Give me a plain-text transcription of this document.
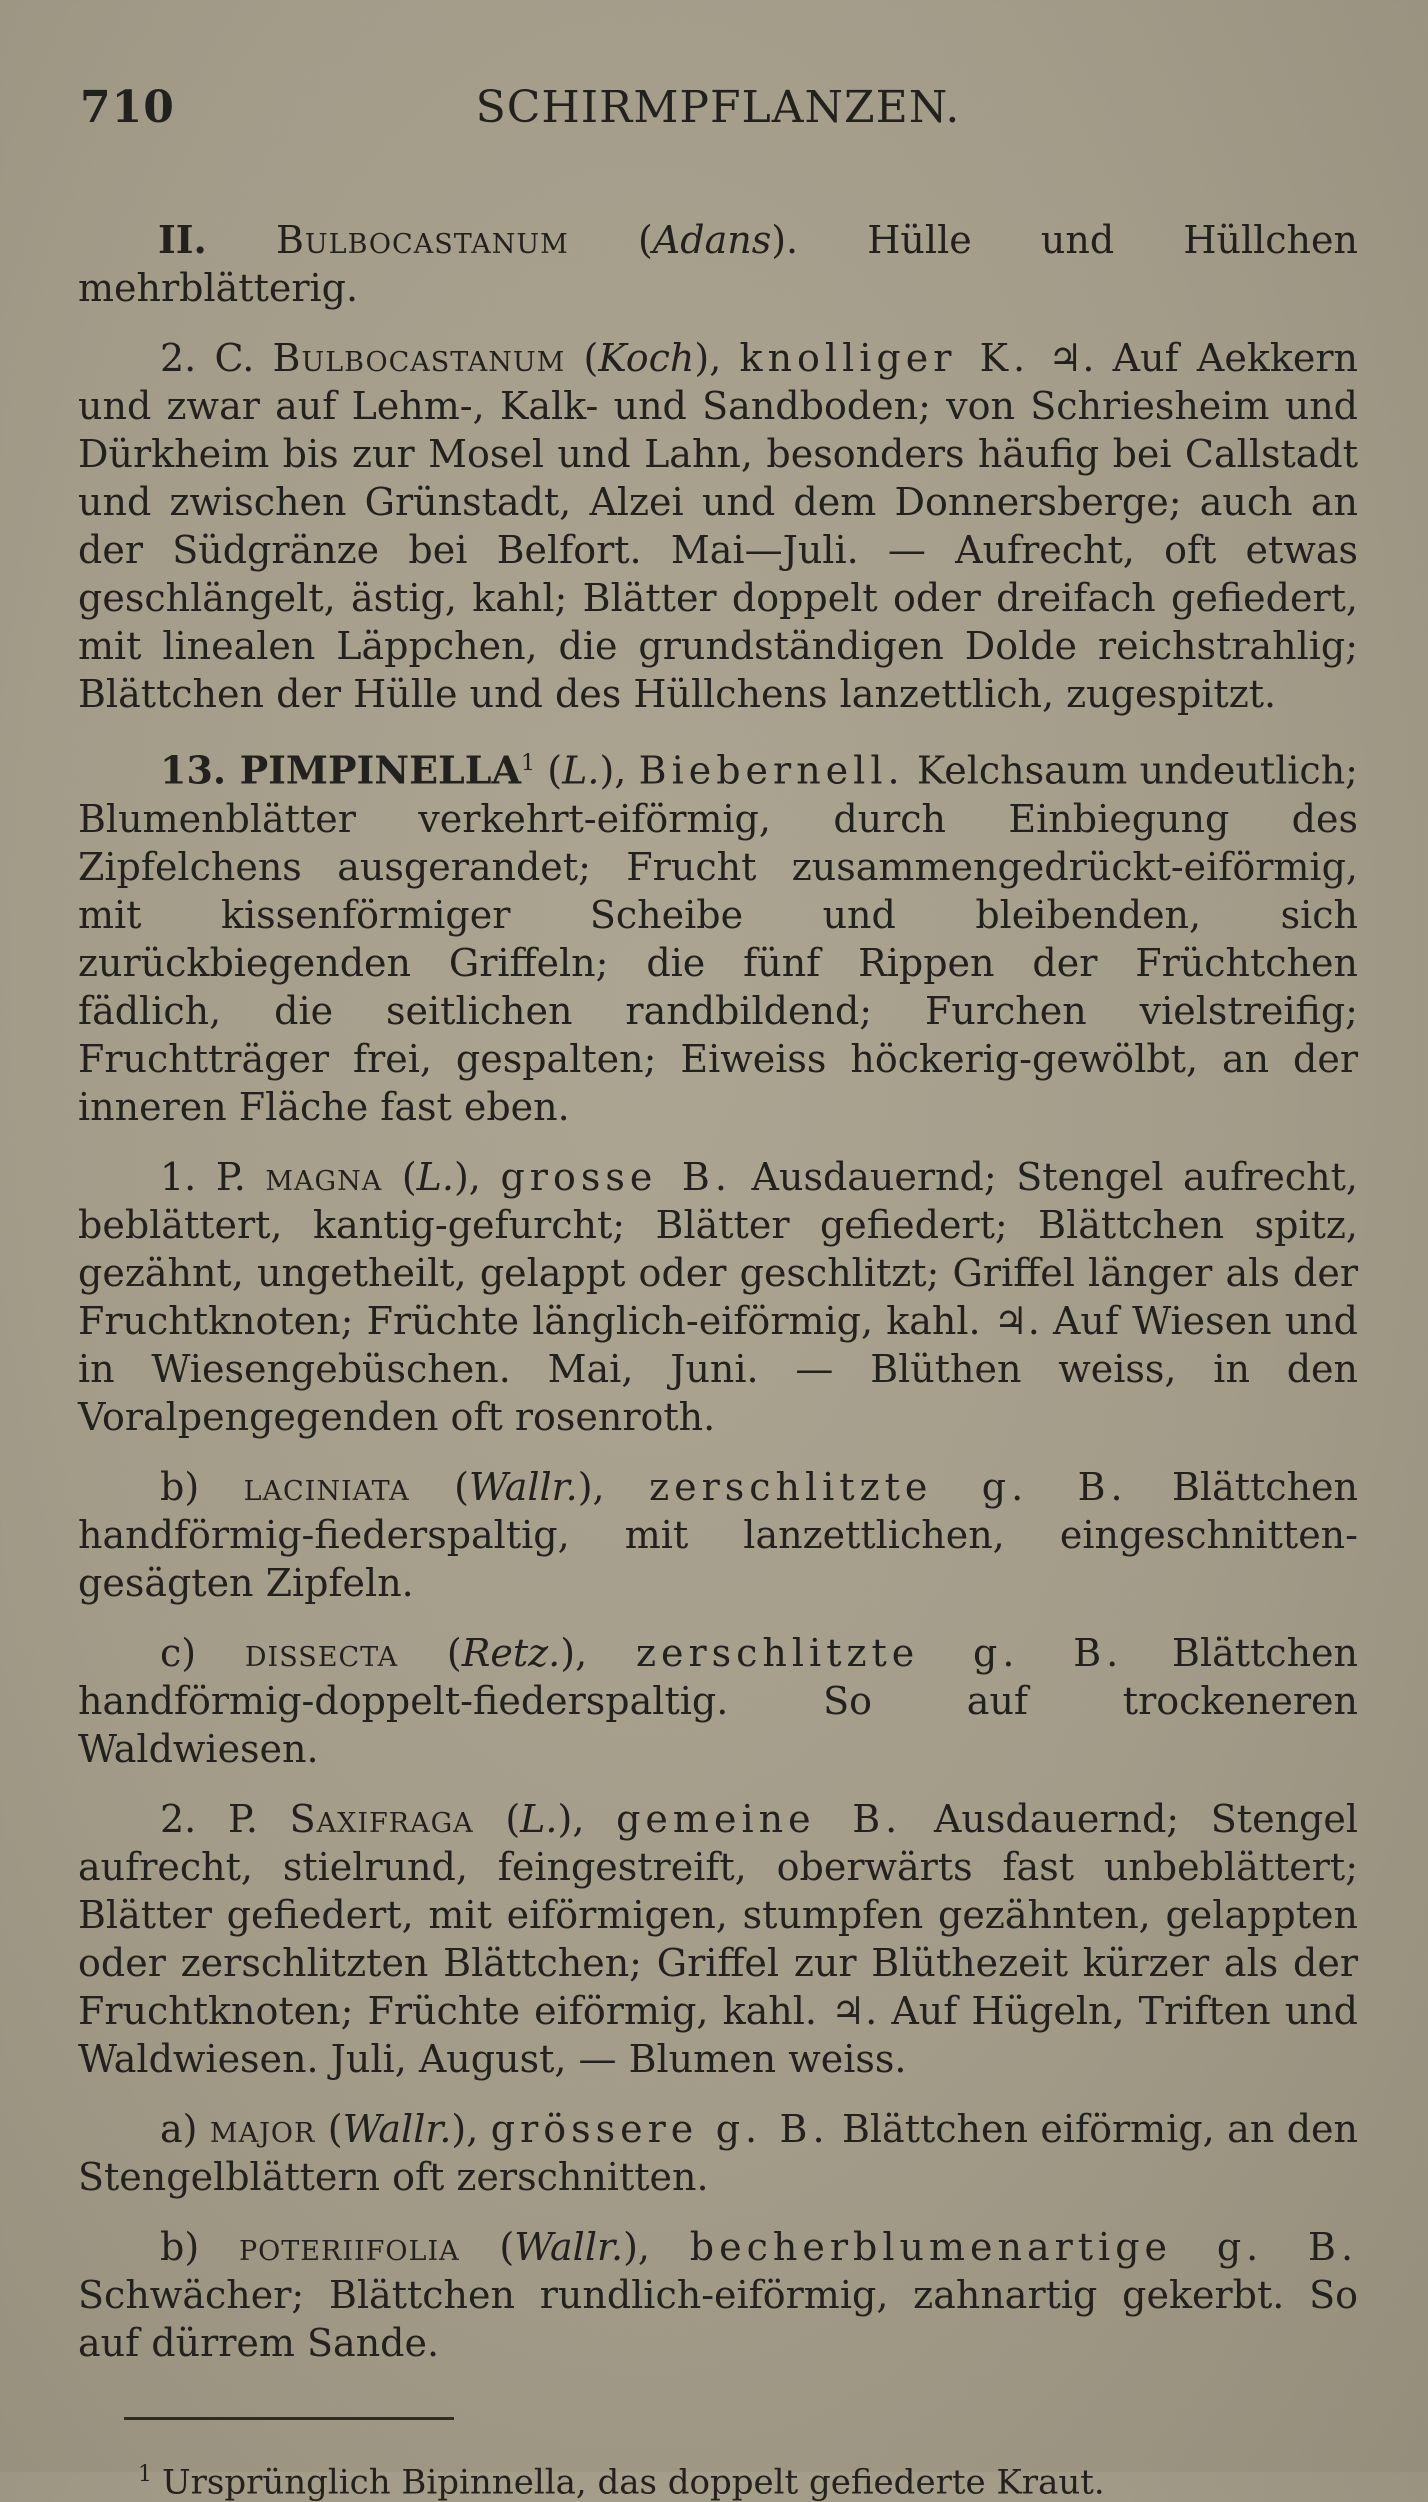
710	SCHIRMPFLANZEN.

II. Bulbocastanum (Adans). Hülle und Hüllchen mehrblätterig.

2. C. Bulbocastanum (Koch), knolliger K. ♃. Auf Aekkern und zwar auf Lehm-, Kalk- und Sandboden; von Schriesheim und Dürkheim bis zur Mosel und Lahn, besonders häufig bei Callstadt und zwischen Grünstadt, Alzei und dem Donnersberge; auch an der Südgränze bei Belfort. Mai—Juli. — Aufrecht, oft etwas geschlängelt, ästig, kahl; Blätter doppelt oder dreifach gefiedert, mit linealen Läppchen, die grundständigen Dolde reichstrahlig; Blättchen der Hülle und des Hüllchens lanzettlich, zugespitzt.

13. PIMPINELLA$^1$ (L.), Biebernell. Kelchsaum undeutlich; Blumenblätter verkehrt-eiförmig, durch Einbiegung des Zipfelchens ausgerandet; Frucht zusammengedrückt-eiförmig, mit kissenförmiger Scheibe und bleibenden, sich zurückbiegenden Griffeln; die fünf Rippen der Früchtchen fädlich, die seitlichen randbildend; Furchen vielstreifig; Fruchtträger frei, gespalten; Eiweiss höckerig-gewölbt, an der inneren Fläche fast eben.

1. P. magna (L.), grosse B. Ausdauernd; Stengel aufrecht, beblättert, kantig-gefurcht; Blätter gefiedert; Blättchen spitz, gezähnt, ungetheilt, gelappt oder geschlitzt; Griffel länger als der Fruchtknoten; Früchte länglich-eiförmig, kahl. ♃. Auf Wiesen und in Wiesengebüschen. Mai, Juni. — Blüthen weiss, in den Voralpengegenden oft rosenroth.

b) laciniata (Wallr.), zerschlitzte g. B. Blättchen handförmig-fiederspaltig, mit lanzettlichen, eingeschnitten-gesägten Zipfeln.

c) dissecta (Retz.), zerschlitzte g. B. Blättchen handförmig-doppelt-fiederspaltig. So auf trockeneren Waldwiesen.

2. P. Saxifraga (L.), gemeine B. Ausdauernd; Stengel aufrecht, stielrund, feingestreift, oberwärts fast unbeblättert; Blätter gefiedert, mit eiförmigen, stumpfen gezähnten, gelappten oder zerschlitzten Blättchen; Griffel zur Blüthezeit kürzer als der Fruchtknoten; Früchte eiförmig, kahl. ♃. Auf Hügeln, Triften und Waldwiesen. Juli, August, — Blumen weiss.

a) major (Wallr.), grössere g. B. Blättchen eiförmig, an den Stengelblättern oft zerschnitten.

b) poteriifolia (Wallr.), becherblumenartige g. B. Schwächer; Blättchen rundlich-eiförmig, zahnartig gekerbt. So auf dürrem Sande.

$^1$ Ursprünglich Bipinnella, das doppelt gefiederte Kraut.
